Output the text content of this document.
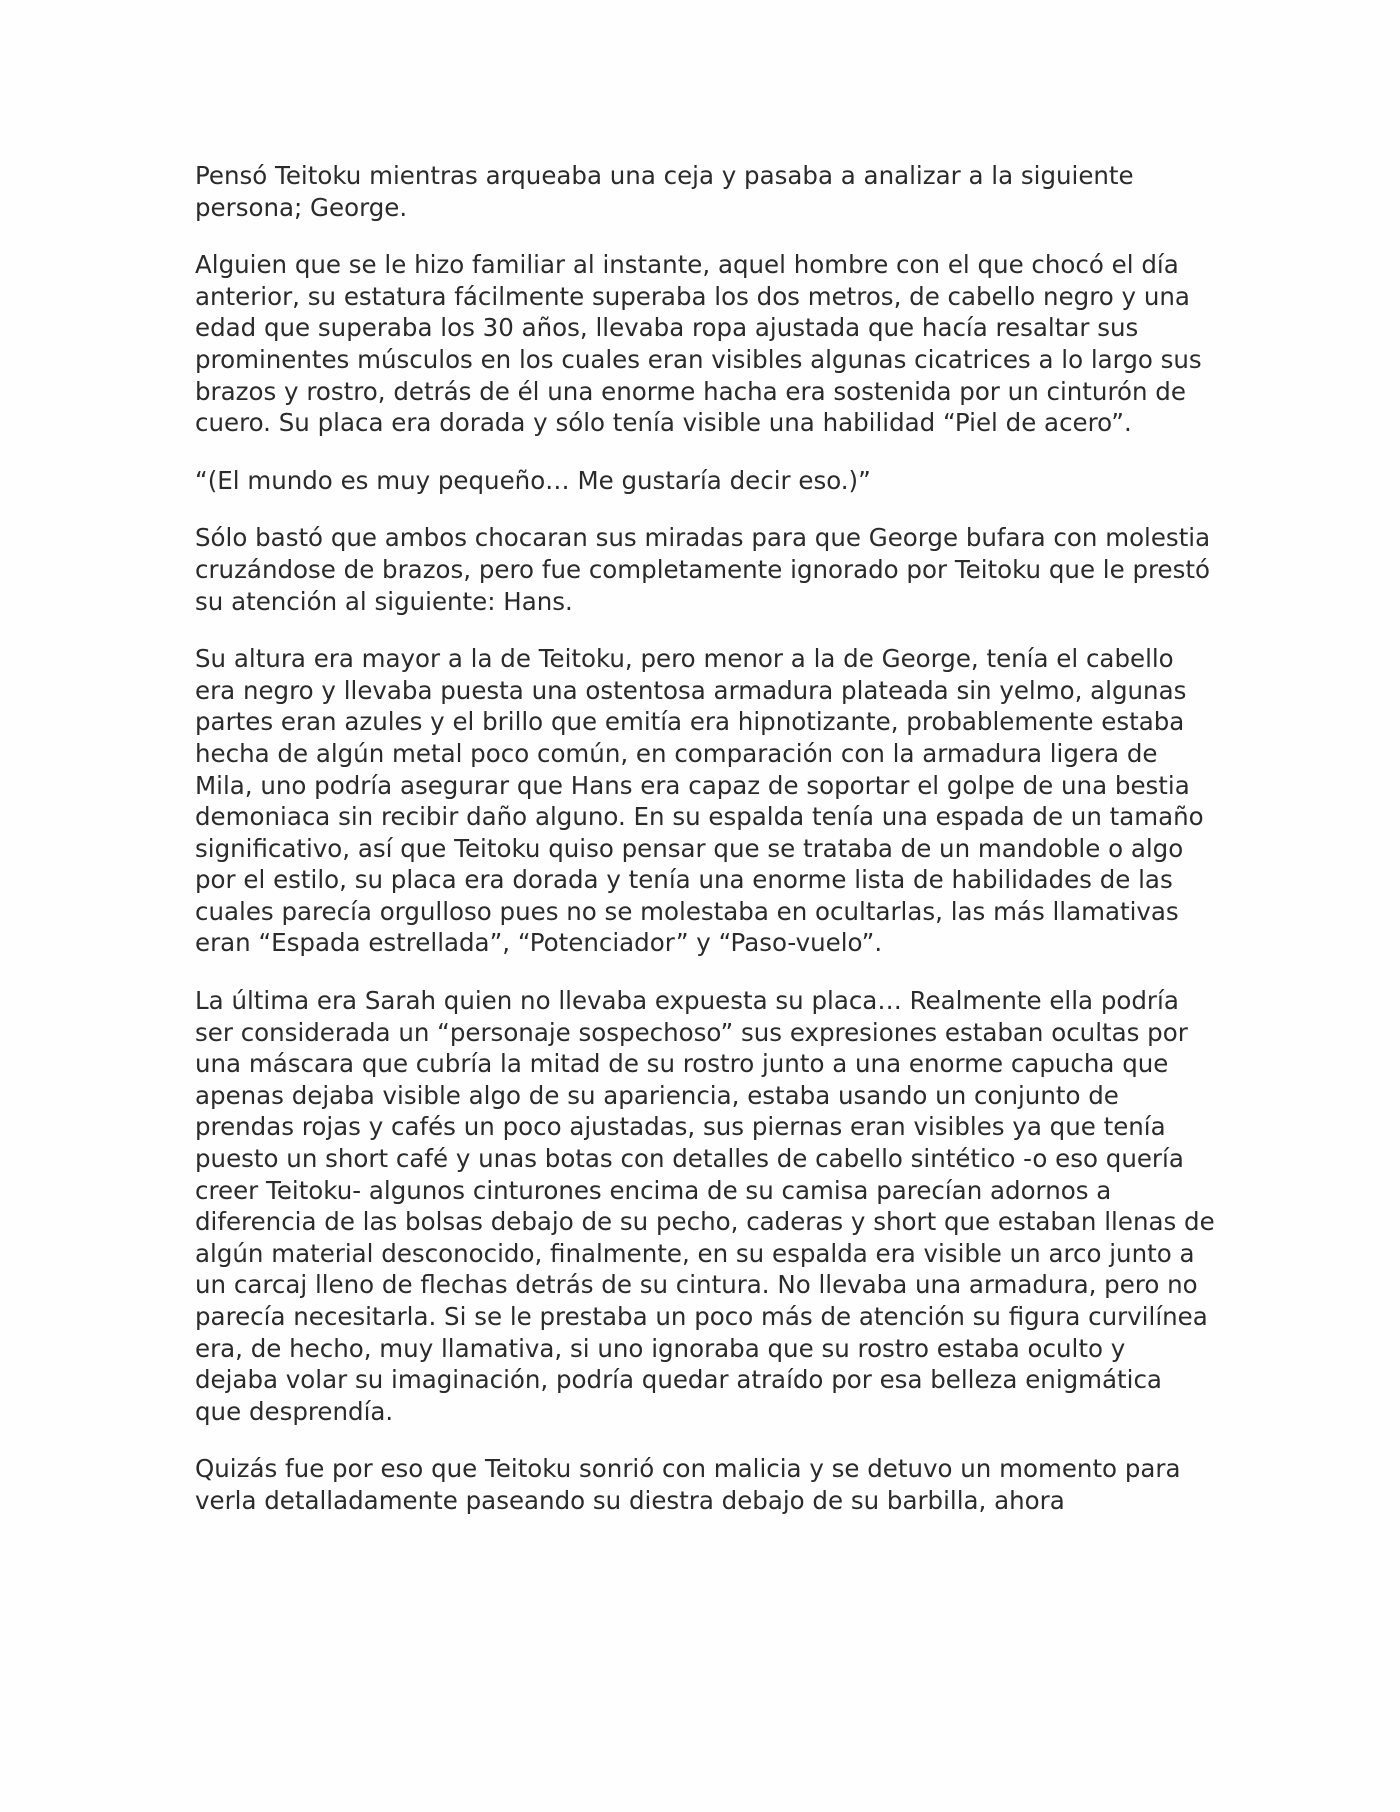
Pensó Teitoku mientras arqueaba una ceja y pasaba a analizar a la siguiente persona; George.

Alguien que se le hizo familiar al instante, aquel hombre con el que chocó el día anterior, su estatura fácilmente superaba los dos metros, de cabello negro y una edad que superaba los 30 años, llevaba ropa ajustada que hacía resaltar sus prominentes músculos en los cuales eran visibles algunas cicatrices a lo largo sus brazos y rostro, detrás de él una enorme hacha era sostenida por un cinturón de cuero. Su placa era dorada y sólo tenía visible una habilidad “Piel de acero”.

“(El mundo es muy pequeño… Me gustaría decir eso.)”

Sólo bastó que ambos chocaran sus miradas para que George bufara con molestia cruzándose de brazos, pero fue completamente ignorado por Teitoku que le prestó su atención al siguiente: Hans.

Su altura era mayor a la de Teitoku, pero menor a la de George, tenía el cabello era negro y llevaba puesta una ostentosa armadura plateada sin yelmo, algunas partes eran azules y el brillo que emitía era hipnotizante, probablemente estaba hecha de algún metal poco común, en comparación con la armadura ligera de Mila, uno podría asegurar que Hans era capaz de soportar el golpe de una bestia demoniaca sin recibir daño alguno. En su espalda tenía una espada de un tamaño significativo, así que Teitoku quiso pensar que se trataba de un mandoble o algo por el estilo, su placa era dorada y tenía una enorme lista de habilidades de las cuales parecía orgulloso pues no se molestaba en ocultarlas, las más llamativas eran “Espada estrellada”, “Potenciador” y “Paso-vuelo”.

La última era Sarah quien no llevaba expuesta su placa… Realmente ella podría ser considerada un “personaje sospechoso” sus expresiones estaban ocultas por una máscara que cubría la mitad de su rostro junto a una enorme capucha que apenas dejaba visible algo de su apariencia, estaba usando un conjunto de prendas rojas y cafés un poco ajustadas, sus piernas eran visibles ya que tenía puesto un short café y unas botas con detalles de cabello sintético -o eso quería creer Teitoku- algunos cinturones encima de su camisa parecían adornos a diferencia de las bolsas debajo de su pecho, caderas y short que estaban llenas de algún material desconocido, finalmente, en su espalda era visible un arco junto a un carcaj lleno de flechas detrás de su cintura. No llevaba una armadura, pero no parecía necesitarla. Si se le prestaba un poco más de atención su figura curvilínea era, de hecho, muy llamativa, si uno ignoraba que su rostro estaba oculto y dejaba volar su imaginación, podría quedar atraído por esa belleza enigmática que desprendía.

Quizás fue por eso que Teitoku sonrió con malicia y se detuvo un momento para verla detalladamente paseando su diestra debajo de su barbilla, ahora
